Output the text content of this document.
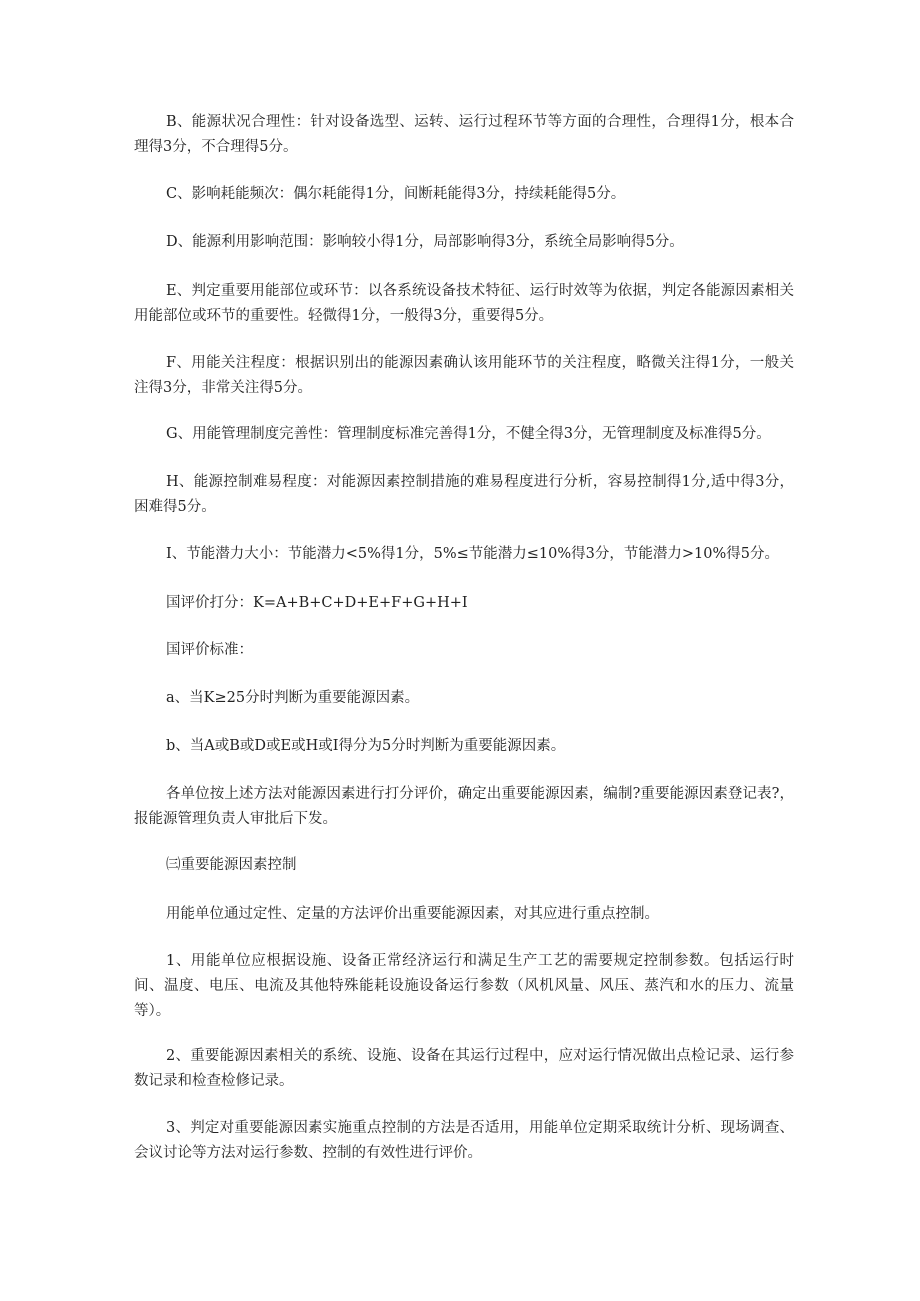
B、能源状况合理性：针对设备选型、运转、运行过程环节等方面的合理性，合理得1分，根本合理得3分，不合理得5分。

C、影响耗能频次：偶尔耗能得1分，间断耗能得3分，持续耗能得5分。

D、能源利用影响范围：影响较小得1分，局部影响得3分，系统全局影响得5分。

E、判定重要用能部位或环节：以各系统设备技术特征、运行时效等为依据，判定各能源因素相关用能部位或环节的重要性。轻微得1分，一般得3分，重要得5分。

F、用能关注程度：根据识别出的能源因素确认该用能环节的关注程度，略微关注得1分，一般关注得3分，非常关注得5分。

G、用能管理制度完善性：管理制度标准完善得1分，不健全得3分，无管理制度及标准得5分。

H、能源控制难易程度：对能源因素控制措施的难易程度进行分析，容易控制得1分,适中得3分，困难得5分。

I、节能潜力大小：节能潜力<5%得1分，5%≤节能潜力≤10%得3分，节能潜力>10%得5分。

国评价打分：K=A+B+C+D+E+F+G+H+I

国评价标准：

a、当K≥25分时判断为重要能源因素。

b、当A或B或D或E或H或I得分为5分时判断为重要能源因素。

各单位按上述方法对能源因素进行打分评价，确定出重要能源因素，编制?重要能源因素登记表?，报能源管理负责人审批后下发。

㈢重要能源因素控制

用能单位通过定性、定量的方法评价出重要能源因素，对其应进行重点控制。

1、用能单位应根据设施、设备正常经济运行和满足生产工艺的需要规定控制参数。包括运行时间、温度、电压、电流及其他特殊能耗设施设备运行参数（风机风量、风压、蒸汽和水的压力、流量等）。

2、重要能源因素相关的系统、设施、设备在其运行过程中，应对运行情况做出点检记录、运行参数记录和检查检修记录。

3、判定对重要能源因素实施重点控制的方法是否适用，用能单位定期采取统计分析、现场调查、会议讨论等方法对运行参数、控制的有效性进行评价。
